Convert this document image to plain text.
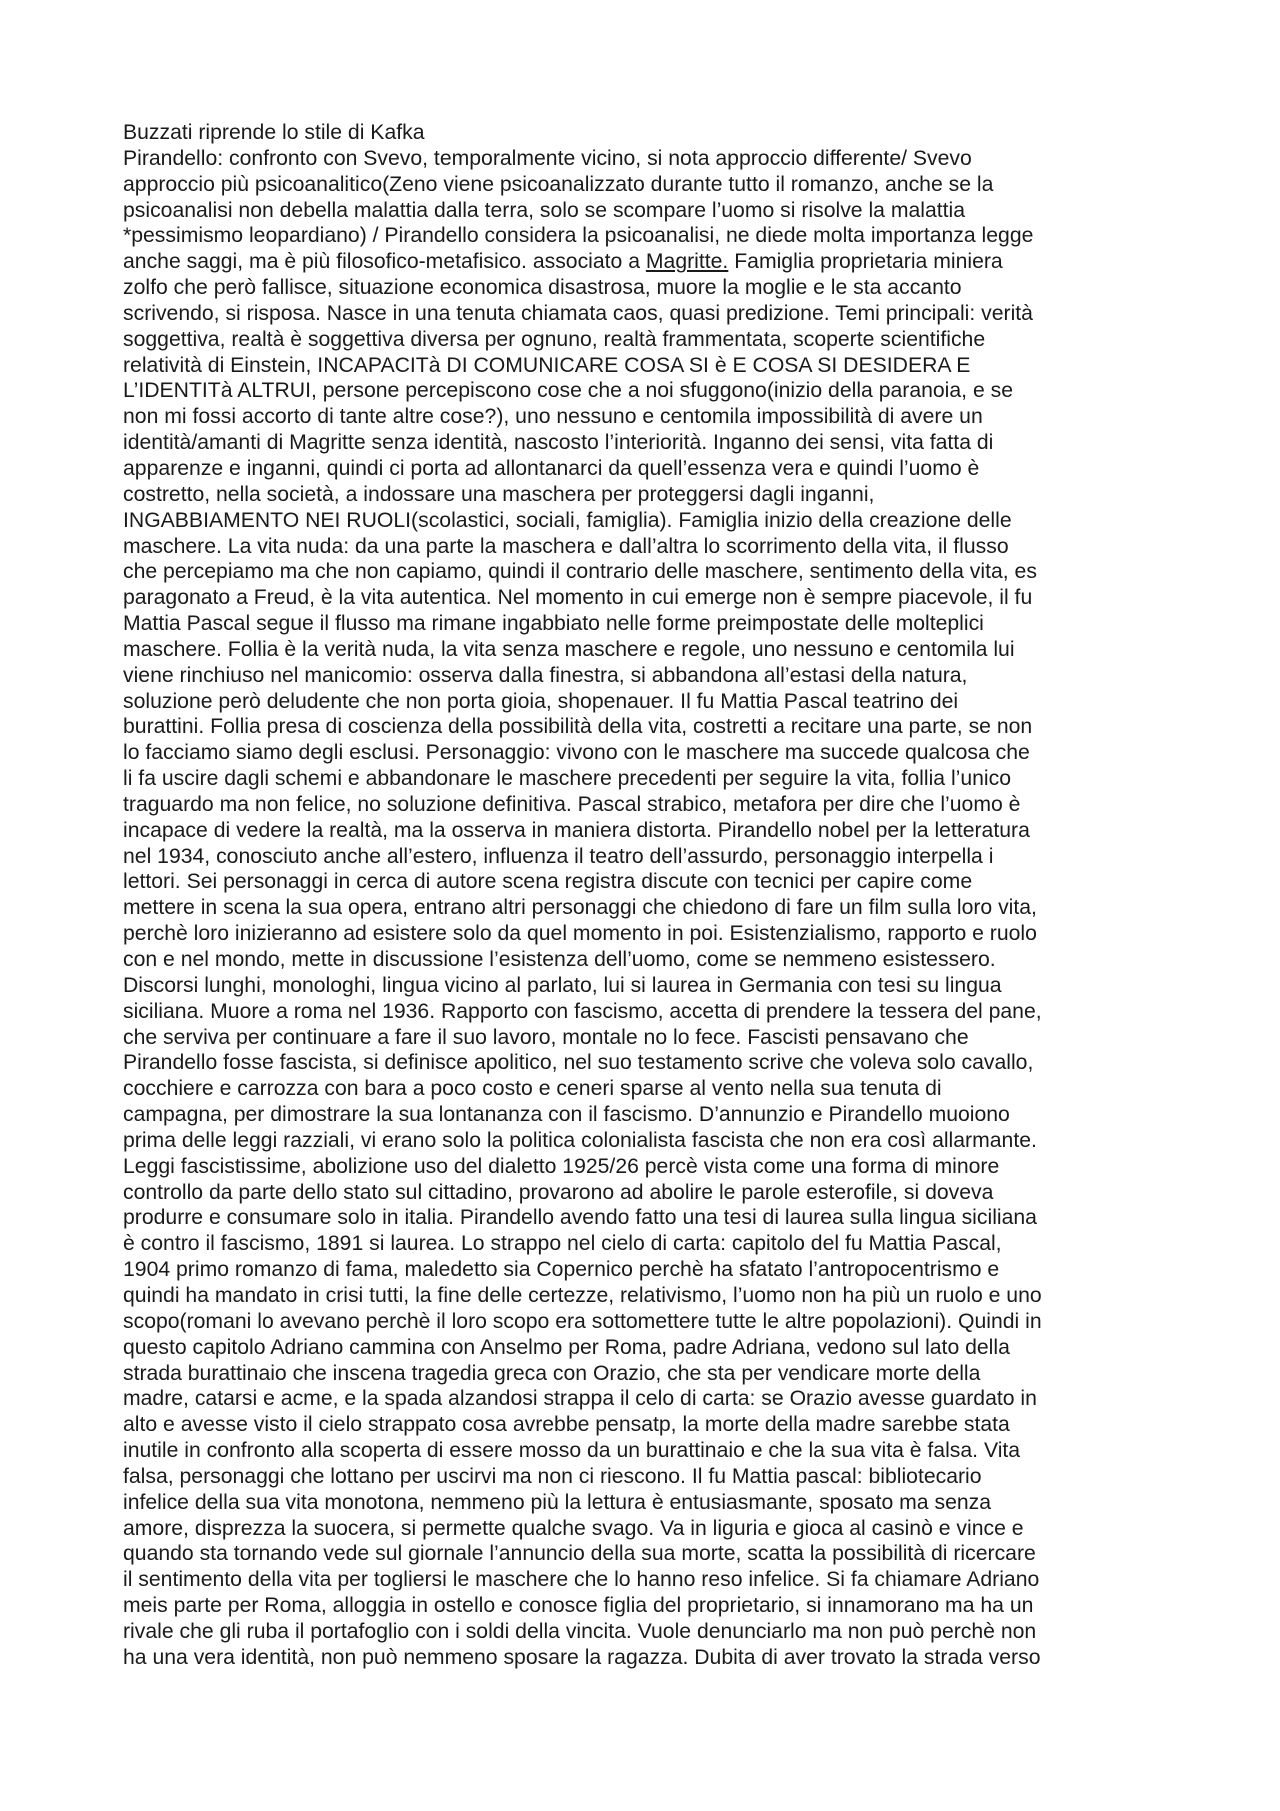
Buzzati riprende lo stile di Kafka
Pirandello: confronto con Svevo, temporalmente vicino, si nota approccio differente/ Svevo
approccio più psicoanalitico(Zeno viene psicoanalizzato durante tutto il romanzo, anche se la
psicoanalisi non debella malattia dalla terra, solo se scompare l’uomo si risolve la malattia
*pessimismo leopardiano) / Pirandello considera la psicoanalisi, ne diede molta importanza legge
anche saggi, ma è più filosofico-metafisico. associato a Magritte. Famiglia proprietaria miniera
zolfo che però fallisce, situazione economica disastrosa, muore la moglie e le sta accanto
scrivendo, si risposa. Nasce in una tenuta chiamata caos, quasi predizione. Temi principali: verità
soggettiva, realtà è soggettiva diversa per ognuno, realtà frammentata, scoperte scientifiche
relatività di Einstein, INCAPACITà DI COMUNICARE COSA SI è E COSA SI DESIDERA E
L’IDENTITà ALTRUI, persone percepiscono cose che a noi sfuggono(inizio della paranoia, e se
non mi fossi accorto di tante altre cose?), uno nessuno e centomila impossibilità di avere un
identità/amanti di Magritte senza identità, nascosto l’interiorità. Inganno dei sensi, vita fatta di
apparenze e inganni, quindi ci porta ad allontanarci da quell’essenza vera e quindi l’uomo è
costretto, nella società, a indossare una maschera per proteggersi dagli inganni,
INGABBIAMENTO NEI RUOLI(scolastici, sociali, famiglia). Famiglia inizio della creazione delle
maschere. La vita nuda: da una parte la maschera e dall’altra lo scorrimento della vita, il flusso
che percepiamo ma che non capiamo, quindi il contrario delle maschere, sentimento della vita, es
paragonato a Freud, è la vita autentica. Nel momento in cui emerge non è sempre piacevole, il fu
Mattia Pascal segue il flusso ma rimane ingabbiato nelle forme preimpostate delle molteplici
maschere. Follia è la verità nuda, la vita senza maschere e regole, uno nessuno e centomila lui
viene rinchiuso nel manicomio: osserva dalla finestra, si abbandona all’estasi della natura,
soluzione però deludente che non porta gioia, shopenauer. Il fu Mattia Pascal teatrino dei
burattini. Follia presa di coscienza della possibilità della vita, costretti a recitare una parte, se non
lo facciamo siamo degli esclusi. Personaggio: vivono con le maschere ma succede qualcosa che
li fa uscire dagli schemi e abbandonare le maschere precedenti per seguire la vita, follia l’unico
traguardo ma non felice, no soluzione definitiva. Pascal strabico, metafora per dire che l’uomo è
incapace di vedere la realtà, ma la osserva in maniera distorta. Pirandello nobel per la letteratura
nel 1934, conosciuto anche all’estero, influenza il teatro dell’assurdo, personaggio interpella i
lettori. Sei personaggi in cerca di autore scena registra discute con tecnici per capire come
mettere in scena la sua opera, entrano altri personaggi che chiedono di fare un film sulla loro vita,
perchè loro inizieranno ad esistere solo da quel momento in poi. Esistenzialismo, rapporto e ruolo
con e nel mondo, mette in discussione l’esistenza dell’uomo, come se nemmeno esistessero.
Discorsi lunghi, monologhi, lingua vicino al parlato, lui si laurea in Germania con tesi su lingua
siciliana. Muore a roma nel 1936. Rapporto con fascismo, accetta di prendere la tessera del pane,
che serviva per continuare a fare il suo lavoro, montale no lo fece. Fascisti pensavano che
Pirandello fosse fascista, si definisce apolitico, nel suo testamento scrive che voleva solo cavallo,
cocchiere e carrozza con bara a poco costo e ceneri sparse al vento nella sua tenuta di
campagna, per dimostrare la sua lontananza con il fascismo. D’annunzio e Pirandello muoiono
prima delle leggi razziali, vi erano solo la politica colonialista fascista che non era così allarmante.
Leggi fascistissime, abolizione uso del dialetto 1925/26 percè vista come una forma di minore
controllo da parte dello stato sul cittadino, provarono ad abolire le parole esterofile, si doveva
produrre e consumare solo in italia. Pirandello avendo fatto una tesi di laurea sulla lingua siciliana
è contro il fascismo, 1891 si laurea. Lo strappo nel cielo di carta: capitolo del fu Mattia Pascal,
1904 primo romanzo di fama, maledetto sia Copernico perchè ha sfatato l’antropocentrismo e
quindi ha mandato in crisi tutti, la fine delle certezze, relativismo, l’uomo non ha più un ruolo e uno
scopo(romani lo avevano perchè il loro scopo era sottomettere tutte le altre popolazioni). Quindi in
questo capitolo Adriano cammina con Anselmo per Roma, padre Adriana, vedono sul lato della
strada burattinaio che inscena tragedia greca con Orazio, che sta per vendicare morte della
madre, catarsi e acme, e la spada alzandosi strappa il celo di carta: se Orazio avesse guardato in
alto e avesse visto il cielo strappato cosa avrebbe pensatp, la morte della madre sarebbe stata
inutile in confronto alla scoperta di essere mosso da un burattinaio e che la sua vita è falsa. Vita
falsa, personaggi che lottano per uscirvi ma non ci riescono. Il fu Mattia pascal: bibliotecario
infelice della sua vita monotona, nemmeno più la lettura è entusiasmante, sposato ma senza
amore, disprezza la suocera, si permette qualche svago. Va in liguria e gioca al casinò e vince e
quando sta tornando vede sul giornale l’annuncio della sua morte, scatta la possibilità di ricercare
il sentimento della vita per togliersi le maschere che lo hanno reso infelice. Si fa chiamare Adriano
meis parte per Roma, alloggia in ostello e conosce figlia del proprietario, si innamorano ma ha un
rivale che gli ruba il portafoglio con i soldi della vincita. Vuole denunciarlo ma non può perchè non
ha una vera identità, non può nemmeno sposare la ragazza. Dubita di aver trovato la strada verso
